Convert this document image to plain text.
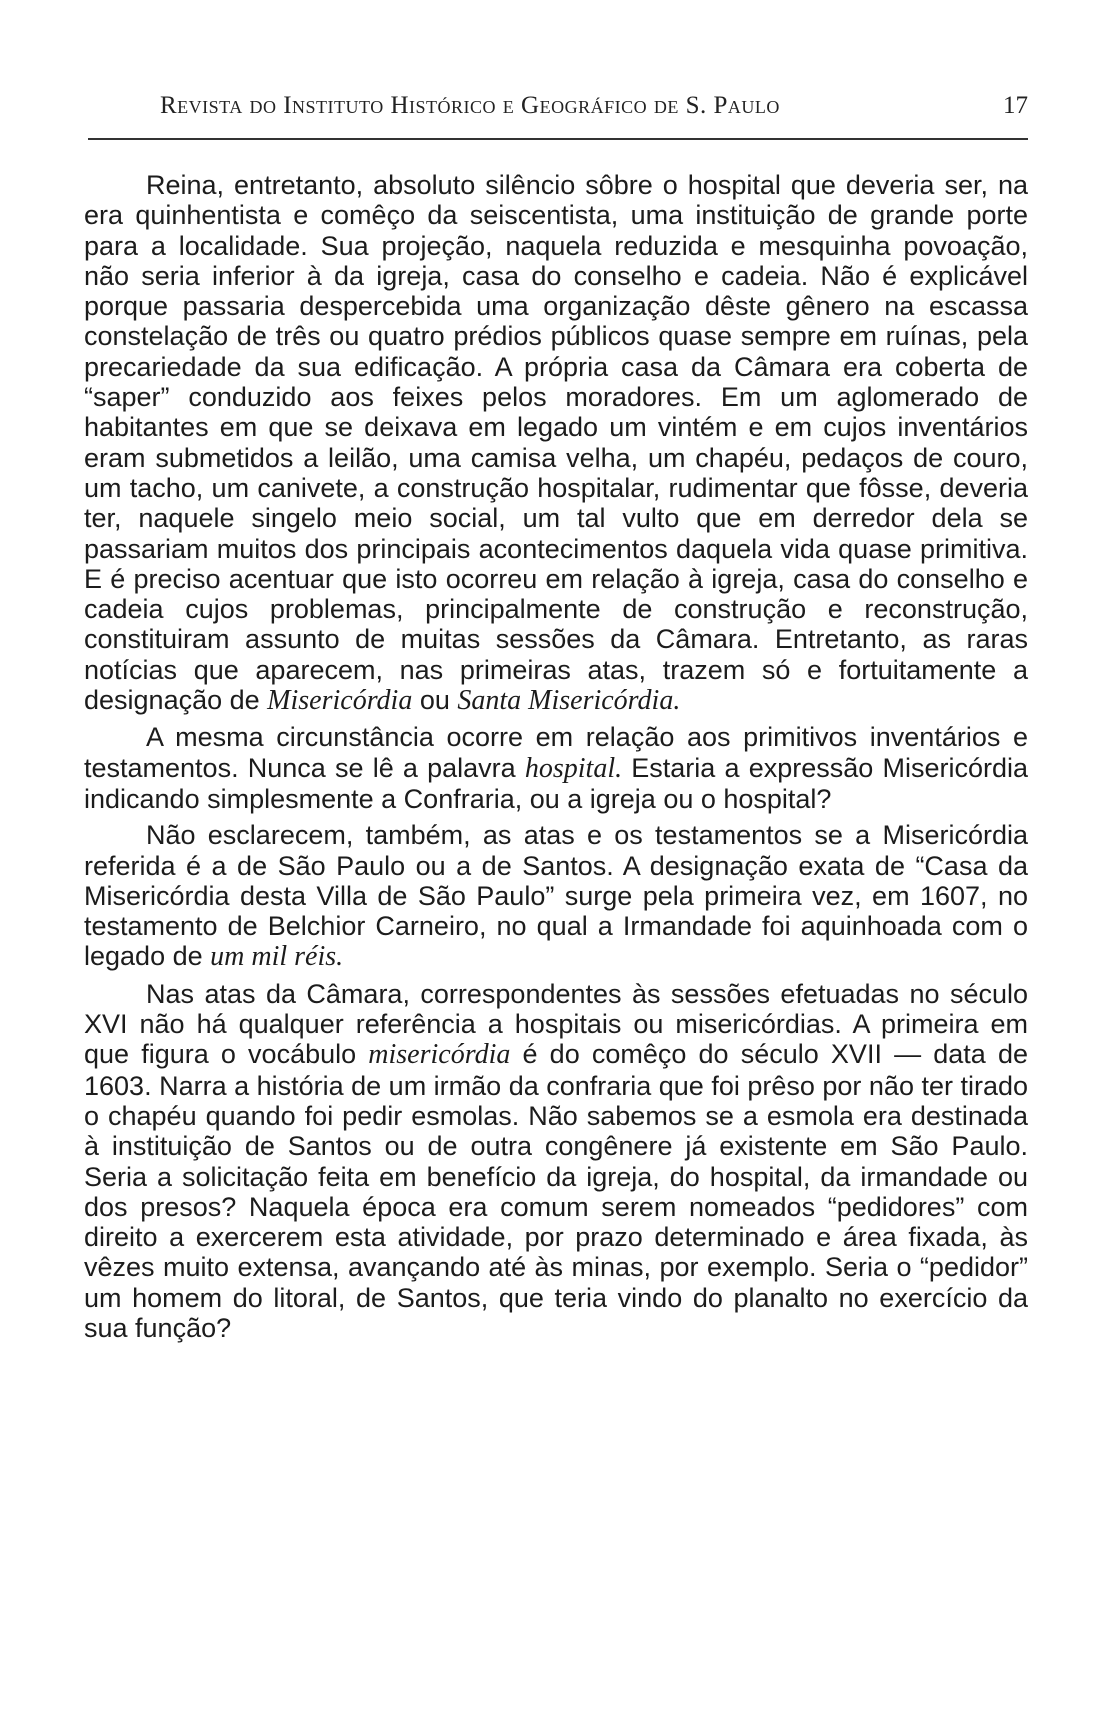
Revista do Instituto Histórico e Geográfico de S. Paulo	17

Reina, entretanto, absoluto silêncio sôbre o hospital que deveria ser, na era quinhentista e comêço da seiscentista, uma instituição de grande porte para a localidade. Sua projeção, naquela reduzida e mesquinha povoação, não seria inferior à da igreja, casa do conselho e cadeia. Não é explicável porque passaria despercebida uma organização dêste gênero na escassa constelação de três ou quatro prédios públicos quase sempre em ruínas, pela precariedade da sua edificação. A própria casa da Câmara era coberta de “saper” conduzido aos feixes pelos moradores. Em um aglomerado de habitantes em que se deixava em legado um vintém e em cujos inventários eram submetidos a leilão, uma camisa velha, um chapéu, pedaços de couro, um tacho, um canivete, a construção hospitalar, rudimentar que fôsse, deveria ter, naquele singelo meio social, um tal vulto que em derredor dela se passariam muitos dos principais acontecimentos daquela vida quase primitiva. E é preciso acentuar que isto ocorreu em relação à igreja, casa do conselho e cadeia cujos problemas, principalmente de construção e reconstrução, constituiram assunto de muitas sessões da Câmara. Entretanto, as raras notícias que aparecem, nas primeiras atas, trazem só e fortuitamente a designação de Misericórdia ou Santa Misericórdia.

A mesma circunstância ocorre em relação aos primitivos inventários e testamentos. Nunca se lê a palavra hospital. Estaria a expressão Misericórdia indicando simplesmente a Confraria, ou a igreja ou o hospital?

Não esclarecem, também, as atas e os testamentos se a Misericórdia referida é a de São Paulo ou a de Santos. A designação exata de “Casa da Misericórdia desta Villa de São Paulo” surge pela primeira vez, em 1607, no testamento de Belchior Carneiro, no qual a Irmandade foi aquinhoada com o legado de um mil réis.

Nas atas da Câmara, correspondentes às sessões efetuadas no século XVI não há qualquer referência a hospitais ou misericórdias. A primeira em que figura o vocábulo misericórdia é do comêço do século XVII — data de 1603. Narra a história de um irmão da confraria que foi prêso por não ter tirado o chapéu quando foi pedir esmolas. Não sabemos se a esmola era destinada à instituição de Santos ou de outra congênere já existente em São Paulo. Seria a solicitação feita em benefício da igreja, do hospital, da irmandade ou dos presos? Naquela época era comum serem nomeados “pedidores” com direito a exercerem esta atividade, por prazo determinado e área fixada, às vêzes muito extensa, avançando até às minas, por exemplo. Seria o “pedidor” um homem do litoral, de Santos, que teria vindo do planalto no exercício da sua função?
